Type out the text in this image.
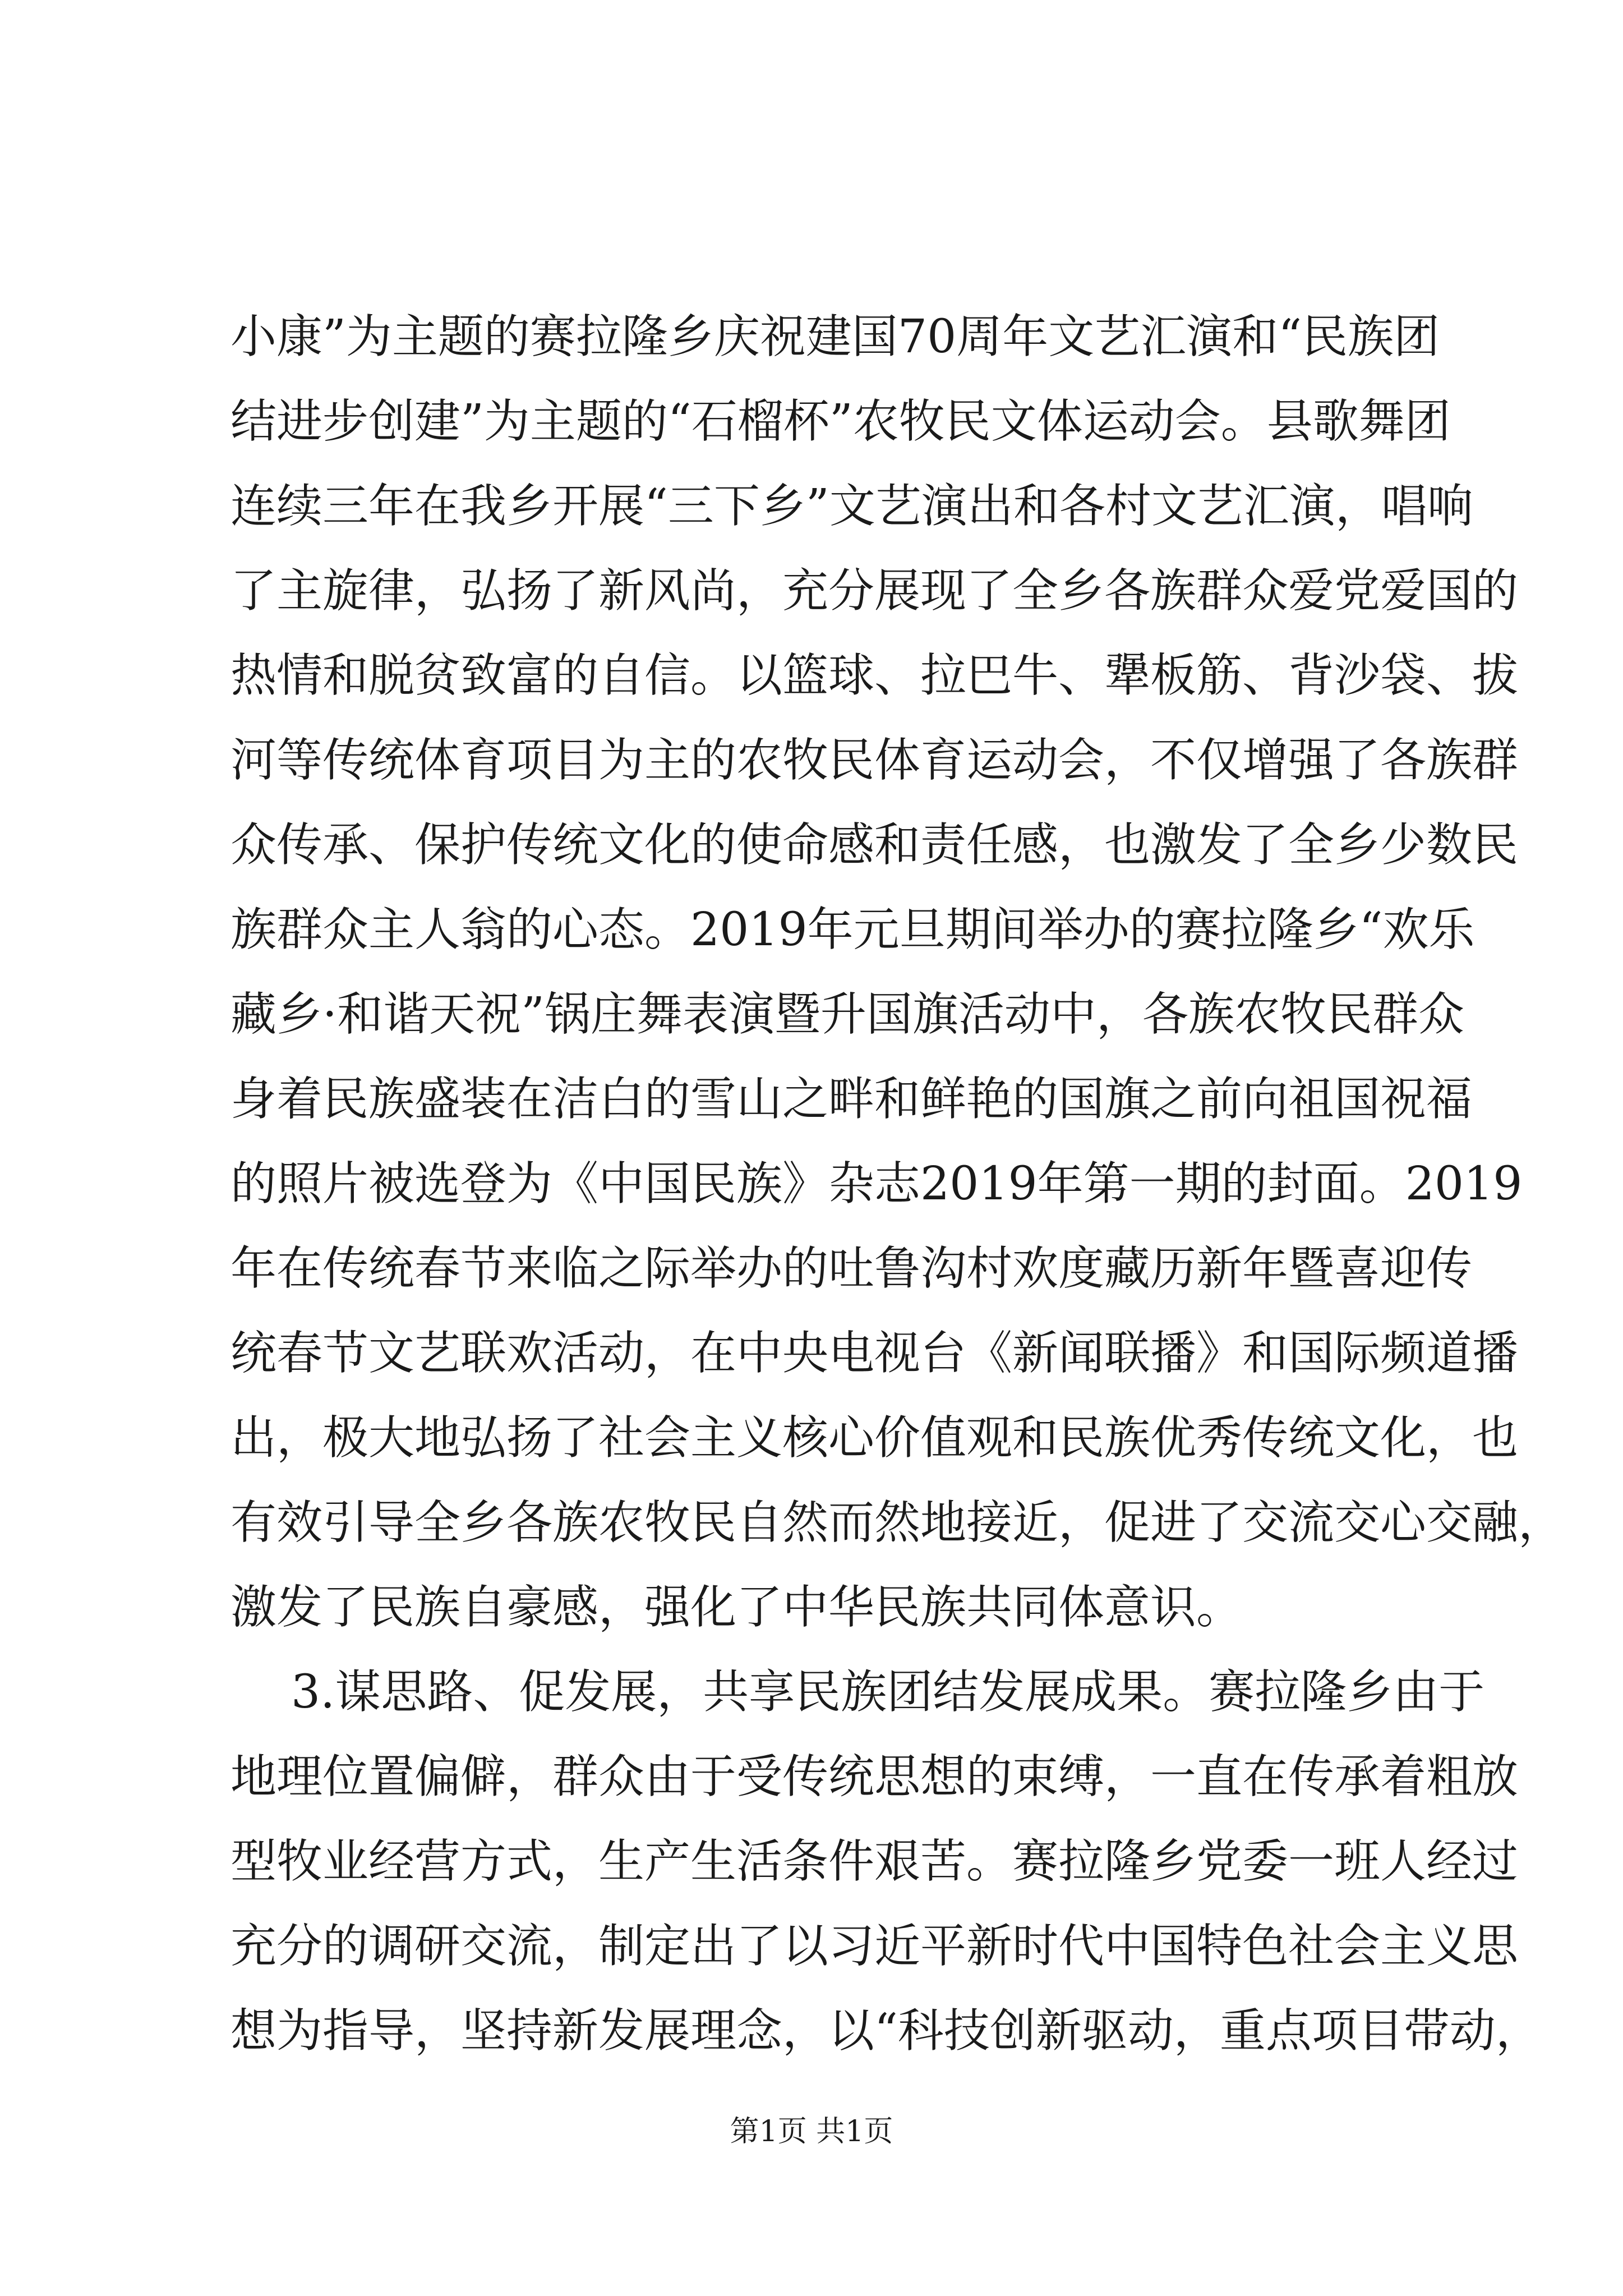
小康”为主题的赛拉隆乡庆祝建国70周年文艺汇演和“民族团
结进步创建”为主题的“石榴杯”农牧民文体运动会。县歌舞团
连续三年在我乡开展“三下乡”文艺演出和各村文艺汇演，唱响
了主旋律，弘扬了新风尚，充分展现了全乡各族群众爱党爱国的
热情和脱贫致富的自信。以篮球、拉巴牛、犟板筋、背沙袋、拔
河等传统体育项目为主的农牧民体育运动会，不仅增强了各族群
众传承、保护传统文化的使命感和责任感，也激发了全乡少数民
族群众主人翁的心态。2019年元旦期间举办的赛拉隆乡“欢乐
藏乡·和谐天祝”锅庄舞表演暨升国旗活动中，各族农牧民群众
身着民族盛装在洁白的雪山之畔和鲜艳的国旗之前向祖国祝福
的照片被选登为《中国民族》杂志2019年第一期的封面。2019
年在传统春节来临之际举办的吐鲁沟村欢度藏历新年暨喜迎传
统春节文艺联欢活动，在中央电视台《新闻联播》和国际频道播
出，极大地弘扬了社会主义核心价值观和民族优秀传统文化，也
有效引导全乡各族农牧民自然而然地接近，促进了交流交心交融，
激发了民族自豪感，强化了中华民族共同体意识。
3.谋思路、促发展，共享民族团结发展成果。赛拉隆乡由于
地理位置偏僻，群众由于受传统思想的束缚，一直在传承着粗放
型牧业经营方式，生产生活条件艰苦。赛拉隆乡党委一班人经过
充分的调研交流，制定出了以习近平新时代中国特色社会主义思
想为指导，坚持新发展理念，以“科技创新驱动，重点项目带动，
第1页 共1页
